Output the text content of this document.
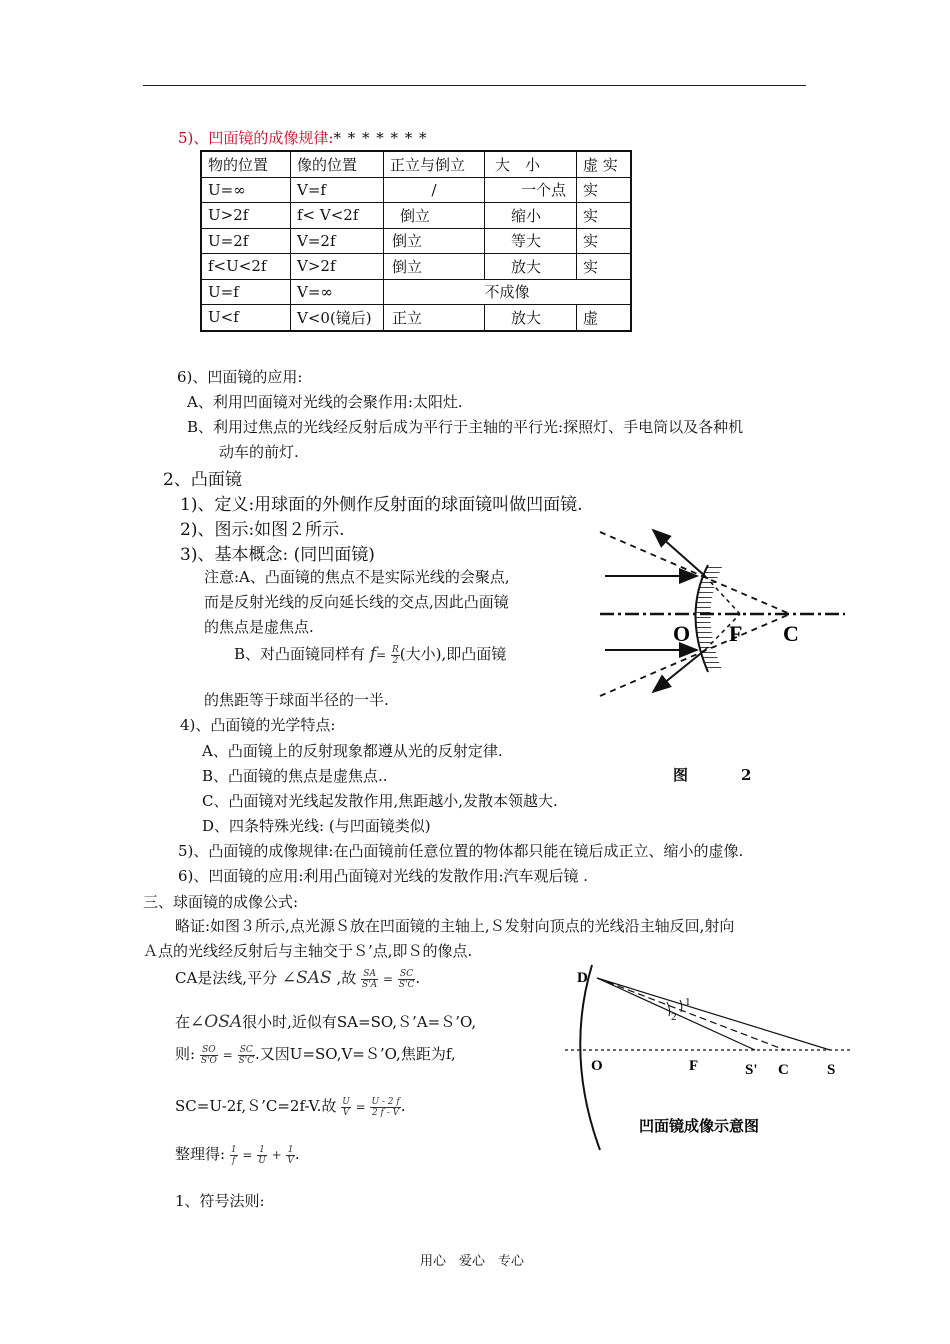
5)、凹面镜的成像规律:* * * * * * *
物的位置	像的位置	正立与倒立	大　小	虚 实
U=∞	V=f	/	一个点	实
U>2f	f< V<2f	倒立	缩小	实
U=2f	V=2f	倒立	等大	实
f<U<2f	V>2f	倒立	放大	实
U=f	V=∞	不成像		
U<f	V<0(镜后)	正立	放大	虚
6)、凹面镜的应用:
A、利用凹面镜对光线的会聚作用:太阳灶.
B、利用过焦点的光线经反射后成为平行于主轴的平行光:探照灯、手电筒以及各种机
动车的前灯.
2、凸面镜
1)、定义:用球面的外侧作反射面的球面镜叫做凹面镜.
2)、图示:如图２所示.
3)、基本概念: (同凹面镜)
注意:A、凸面镜的焦点不是实际光线的会聚点,
而是反射光线的反向延长线的交点,因此凸面镜
的焦点是虚焦点.
B、对凸面镜同样有 $f= \frac{R}{2}$ (大小),即凸面镜
的焦距等于球面半径的一半.
4)、凸面镜的光学特点:
A、凸面镜上的反射现象都遵从光的反射定律.
B、凸面镜的焦点是虚焦点..
C、凸面镜对光线起发散作用,焦距越小,发散本领越大.
D、四条特殊光线: (与凹面镜类似)
5)、凸面镜的成像规律:在凸面镜前任意位置的物体都只能在镜后成正立、缩小的虚像.
6)、凹面镜的应用:利用凸面镜对光线的发散作用:汽车观后镜 .
O F C
图	2
三、球面镜的成像公式:
略证:如图３所示,点光源Ｓ放在凹面镜的主轴上,Ｓ发射向顶点的光线沿主轴反回,射向
Ａ点的光线经反射后与主轴交于Ｓ’点,即Ｓ的像点.
CA是法线,平分 ∠SAS ,故 $\frac{SA}{S'A} = \frac{SC}{S'C}$ .
在∠OSA很小时,近似有SA=SO,Ｓ’A=Ｓ’O,
则: $\frac{SO}{S'O} = \frac{SC}{S'C}$ .又因U=SO,V=Ｓ’O,焦距为f,
SC=U-2f,Ｓ’C=2f-V.故 $\frac{U}{V} = \frac{U - 2 f}{2 f - V}$ .
整理得: $\frac{1}{f} = \frac{1}{U} + \frac{1}{V}$ .
1、符号法则:
D
O	F	S' C	S
1
2
凹面镜成像示意图
用心　爱心　专心
